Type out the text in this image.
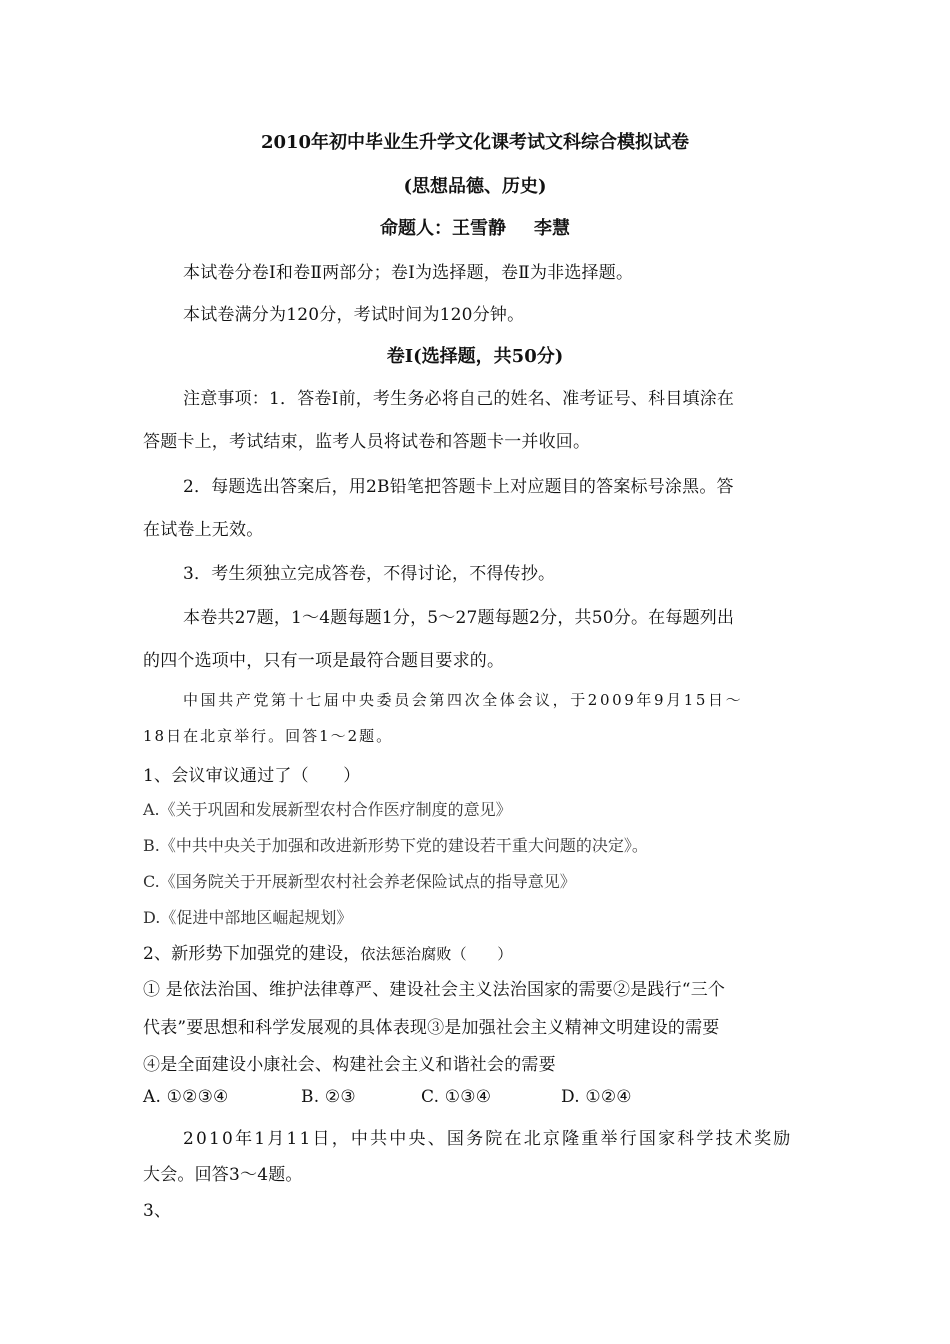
2010年初中毕业生升学文化课考试文科综合模拟试卷
(思想品德、历史)
命题人：王雪静 李慧
本试卷分卷Ⅰ和卷Ⅱ两部分；卷Ⅰ为选择题，卷Ⅱ为非选择题。
本试卷满分为120分，考试时间为120分钟。
卷Ⅰ(选择题，共50分)
注意事项：1．答卷Ⅰ前，考生务必将自己的姓名、准考证号、科目填涂在
答题卡上，考试结束，监考人员将试卷和答题卡一并收回。
2．每题选出答案后，用2B铅笔把答题卡上对应题目的答案标号涂黑。答
在试卷上无效。
3．考生须独立完成答卷，不得讨论，不得传抄。
本卷共27题，1～4题每题1分，5～27题每题2分，共50分。在每题列出
的四个选项中，只有一项是最符合题目要求的。
中国共产党第十七届中央委员会第四次全体会议，于2009年9月15日～
18日在北京举行。回答1～2题。
1、会议审议通过了（　　）
A.《关于巩固和发展新型农村合作医疗制度的意见》
B.《中共中央关于加强和改进新形势下党的建设若干重大问题的决定》。
C.《国务院关于开展新型农村社会养老保险试点的指导意见》
D.《促进中部地区崛起规划》
2、新形势下加强党的建设，依法惩治腐败（　　）
① 是依法治国、维护法律尊严、建设社会主义法治国家的需要②是践行“三个
代表”要思想和科学发展观的具体表现③是加强社会主义精神文明建设的需要
④是全面建设小康社会、构建社会主义和谐社会的需要
A. ①②③④	B. ②③	C. ①③④	D. ①②④
2010年1月11日，中共中央、国务院在北京隆重举行国家科学技术奖励
大会。回答3～4题。
3、
